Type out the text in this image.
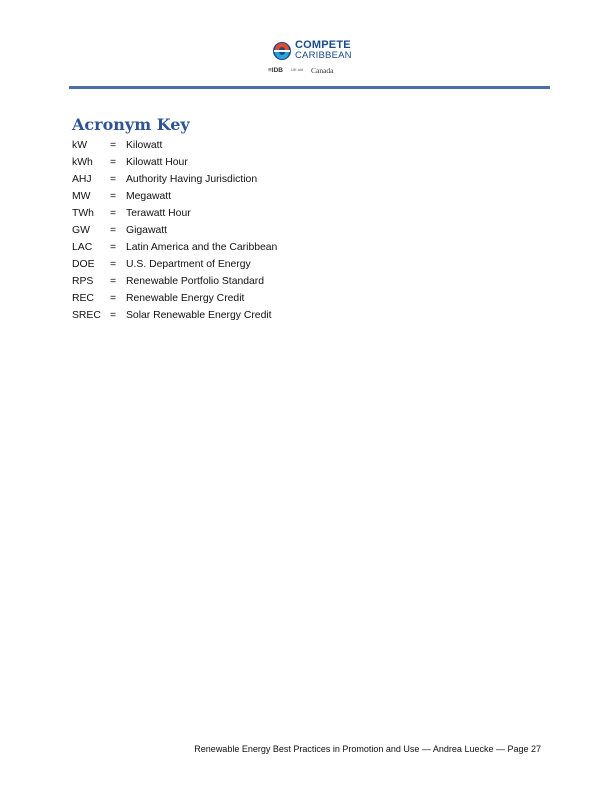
COMPETE
CARIBBEAN
≡IDB UK aid Canada
Acronym Key
kW = Kilowatt
kWh = Kilowatt Hour
AHJ = Authority Having Jurisdiction
MW = Megawatt
TWh = Terawatt Hour
GW = Gigawatt
LAC = Latin America and the Caribbean
DOE = U.S. Department of Energy
RPS = Renewable Portfolio Standard
REC = Renewable Energy Credit
SREC = Solar Renewable Energy Credit
Renewable Energy Best Practices in Promotion and Use — Andrea Luecke — Page 27
